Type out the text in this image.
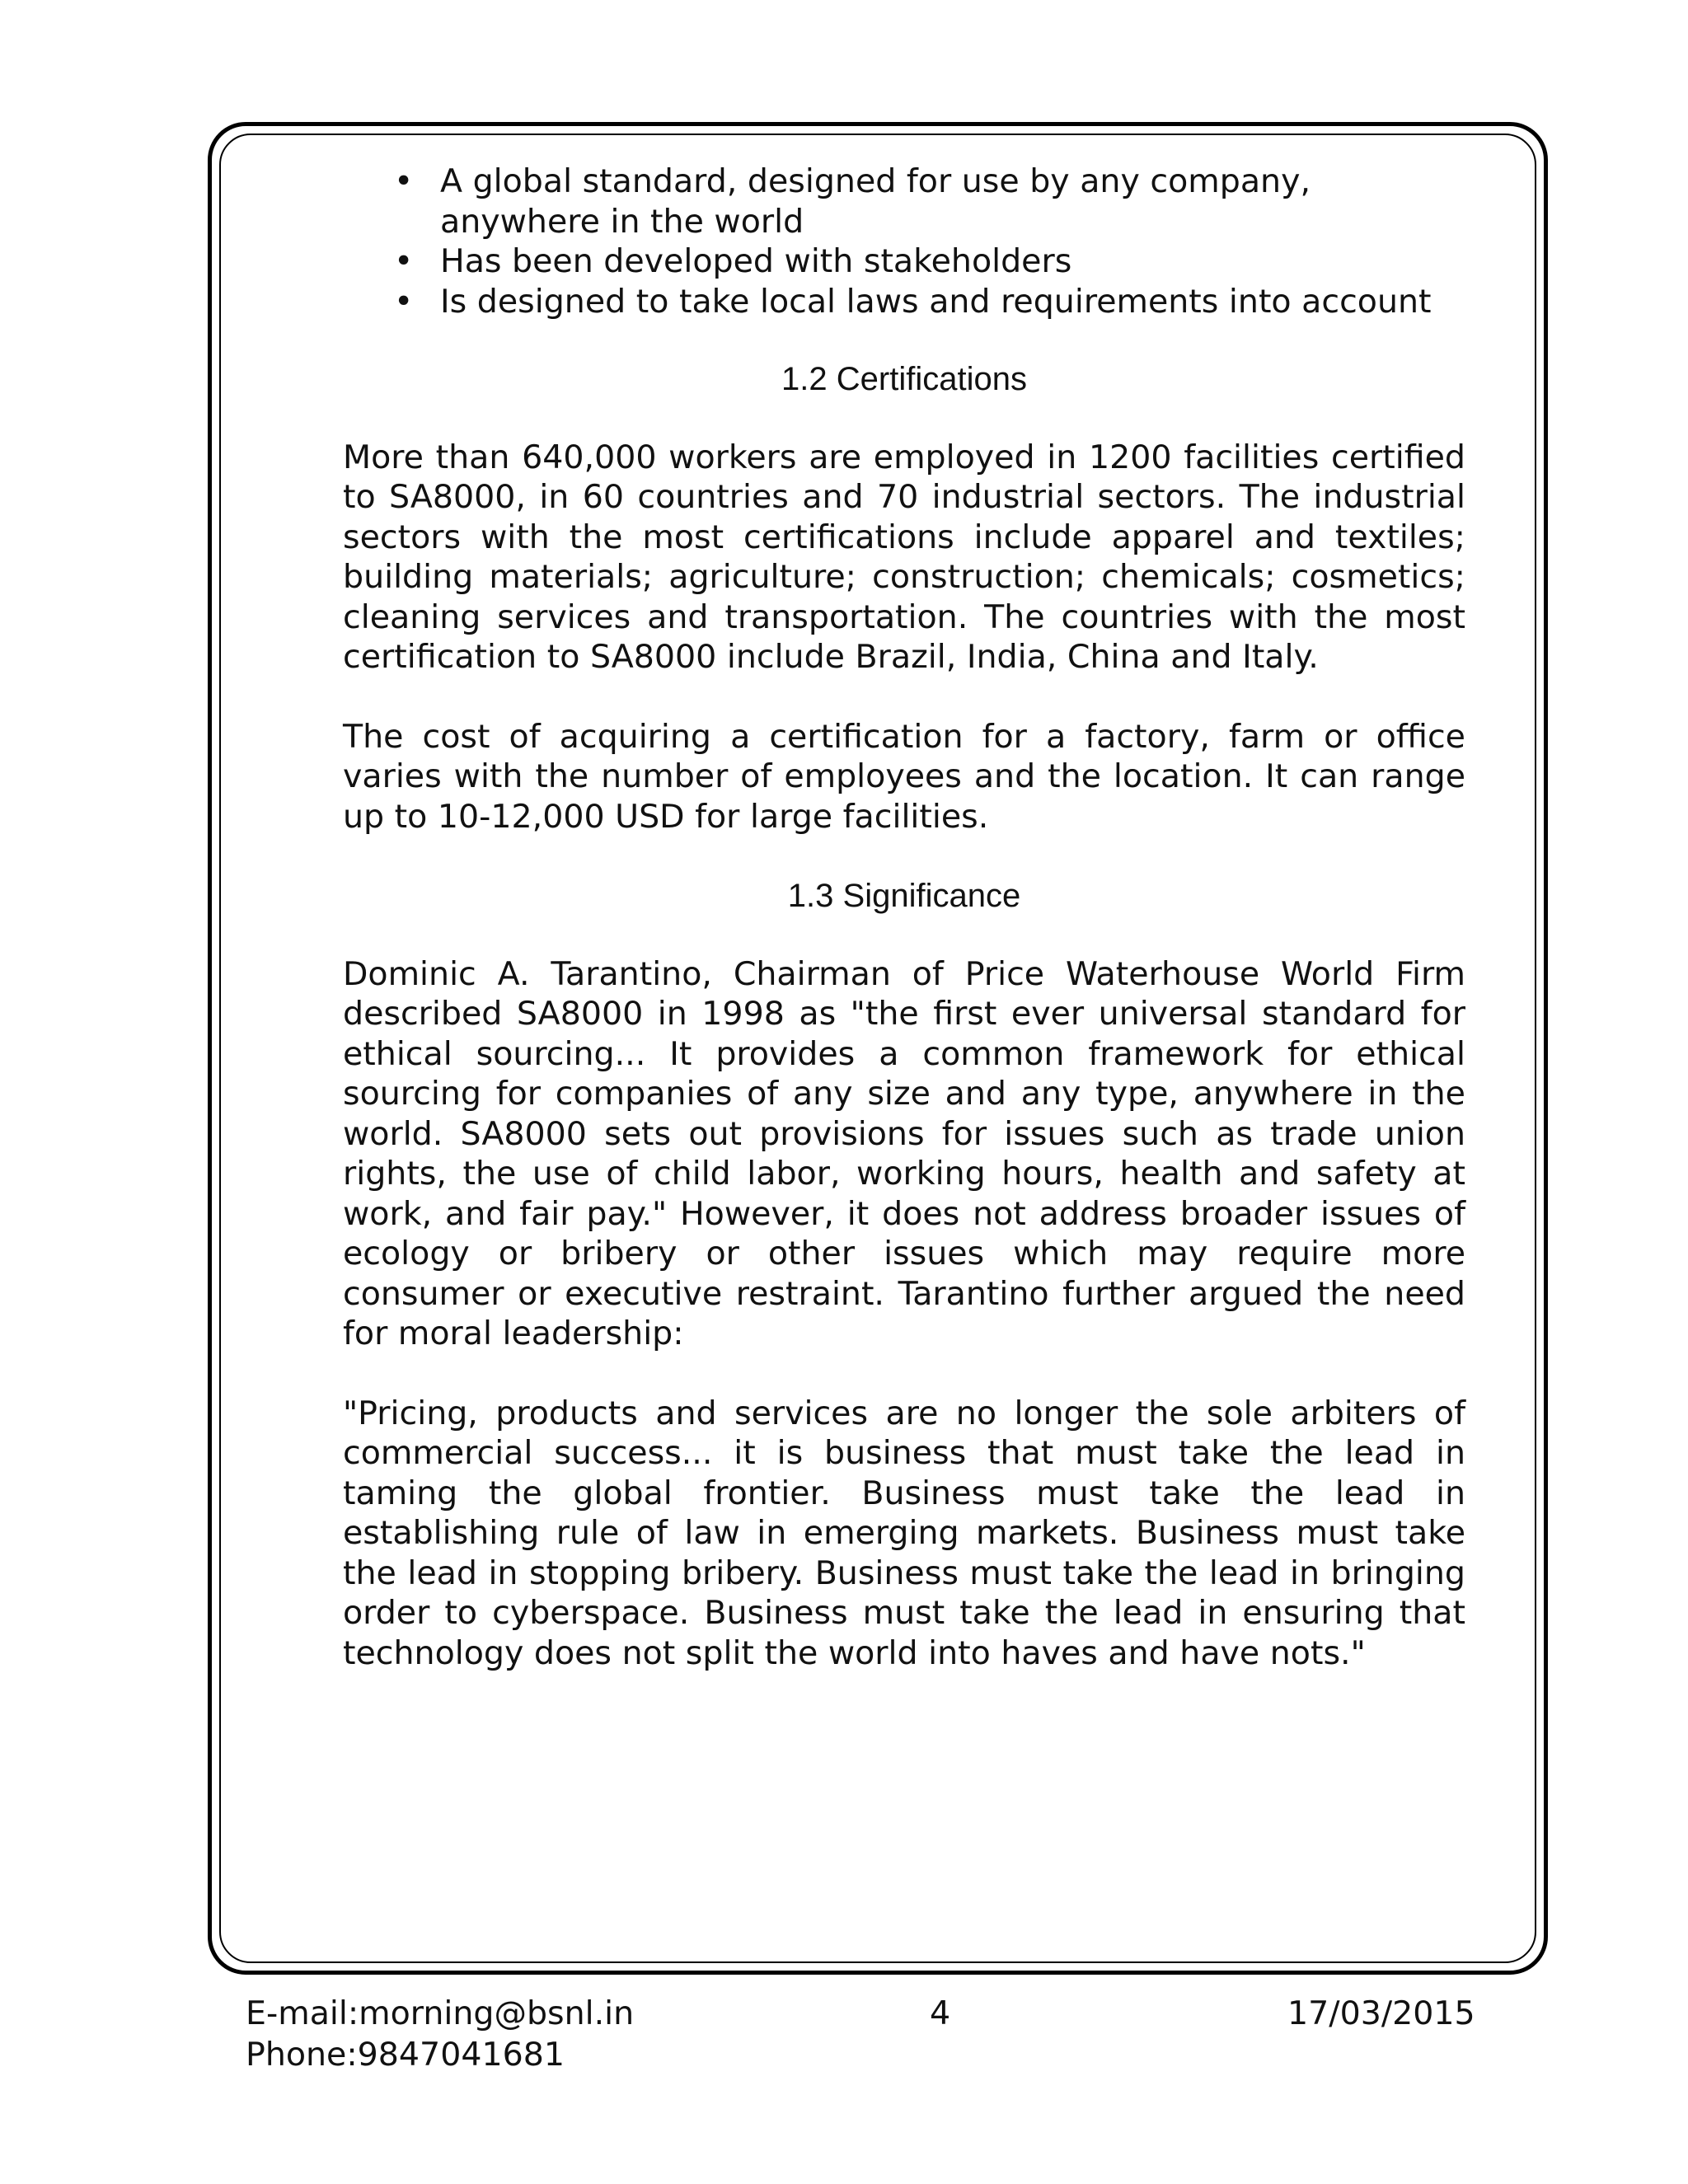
• A global standard, designed for use by any company,
anywhere in the world
• Has been developed with stakeholders
• Is designed to take local laws and requirements into account
1.2 Certifications

More than 640,000 workers are employed in 1200 facilities certified to SA8000, in 60 countries and 70 industrial sectors. The industrial sectors with the most certifications include apparel and textiles; building materials; agriculture; construction; chemicals; cosmetics; cleaning services and transportation. The countries with the most certification to SA8000 include Brazil, India, China and Italy.

The cost of acquiring a certification for a factory, farm or office varies with the number of employees and the location. It can range up to 10-12,000 USD for large facilities.

1.3 Significance

Dominic A. Tarantino, Chairman of Price Waterhouse World Firm described SA8000 in 1998 as "the first ever universal standard for ethical sourcing... It provides a common framework for ethical sourcing for companies of any size and any type, anywhere in the world. SA8000 sets out provisions for issues such as trade union rights, the use of child labor, working hours, health and safety at work, and fair pay." However, it does not address broader issues of ecology or bribery or other issues which may require more consumer or executive restraint. Tarantino further argued the need for moral leadership:

"Pricing, products and services are no longer the sole arbiters of commercial success... it is business that must take the lead in taming the global frontier. Business must take the lead in establishing rule of law in emerging markets. Business must take the lead in stopping bribery. Business must take the lead in bringing order to cyberspace. Business must take the lead in ensuring that technology does not split the world into haves and have nots."

E-mail:morning@bsnl.in
Phone:9847041681
4	17/03/2015
